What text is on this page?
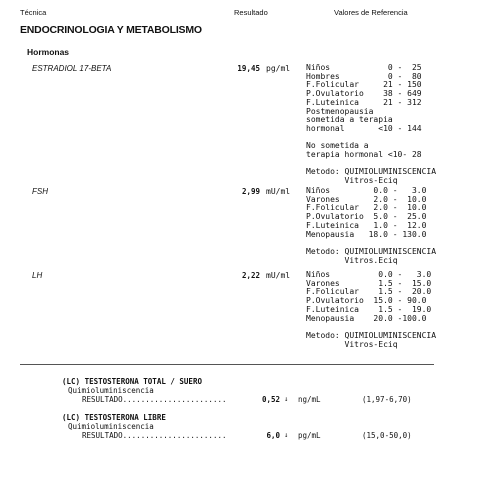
Técnica	Resultado	Valores de Referencia
ENDOCRINOLOGIA Y METABOLISMO
Hormonas
ESTRADIOL 17-BETA	19,45 pg/ml Niños            0 -  25
Hombres          0 -  80
F.Folicular     21 - 150
P.Ovulatorio    38 - 649
F.Luteinica     21 - 312
Postmenopausia
sometida a terapia
hormonal       <10 - 144

No sometida a
terapia hormonal <10- 28

Metodo: QUIMIOLUMINISCENCIA
Vitros-Eciq
FSH	2,99 mU/ml Niños         0.0 -   3.0
Varones       2.0 -  10.0
F.Folicular   2.0 -  10.0
P.Ovulatorio  5.0 -  25.0
F.Luteinica   1.0 -  12.0
Menopausia   18.0 - 130.0

Metodo: QUIMIOLUMINISCENCIA
Vitros.Eciq
LH	2,22 mU/ml Niños          0.0 -   3.0
Varones        1.5 -  15.0
F.Folicular    1.5 -  20.0
P.Ovulatorio  15.0 - 90.0
F.Luteinica    1.5 -  19.0
Menopausia    20.0 -100.0

Metodo: QUIMIOLUMINISCENCIA
Vitros-Eciq
(LC) TESTOSTERONA TOTAL / SUERO
Quimioluminiscencia
RESULTADO.......................	0,52 ↓ ng/mL	(1,97-6,70)
(LC) TESTOSTERONA LIBRE
Quimioluminiscencia
RESULTADO.......................	6,0 ↓ pg/mL	(15,0-50,0)
